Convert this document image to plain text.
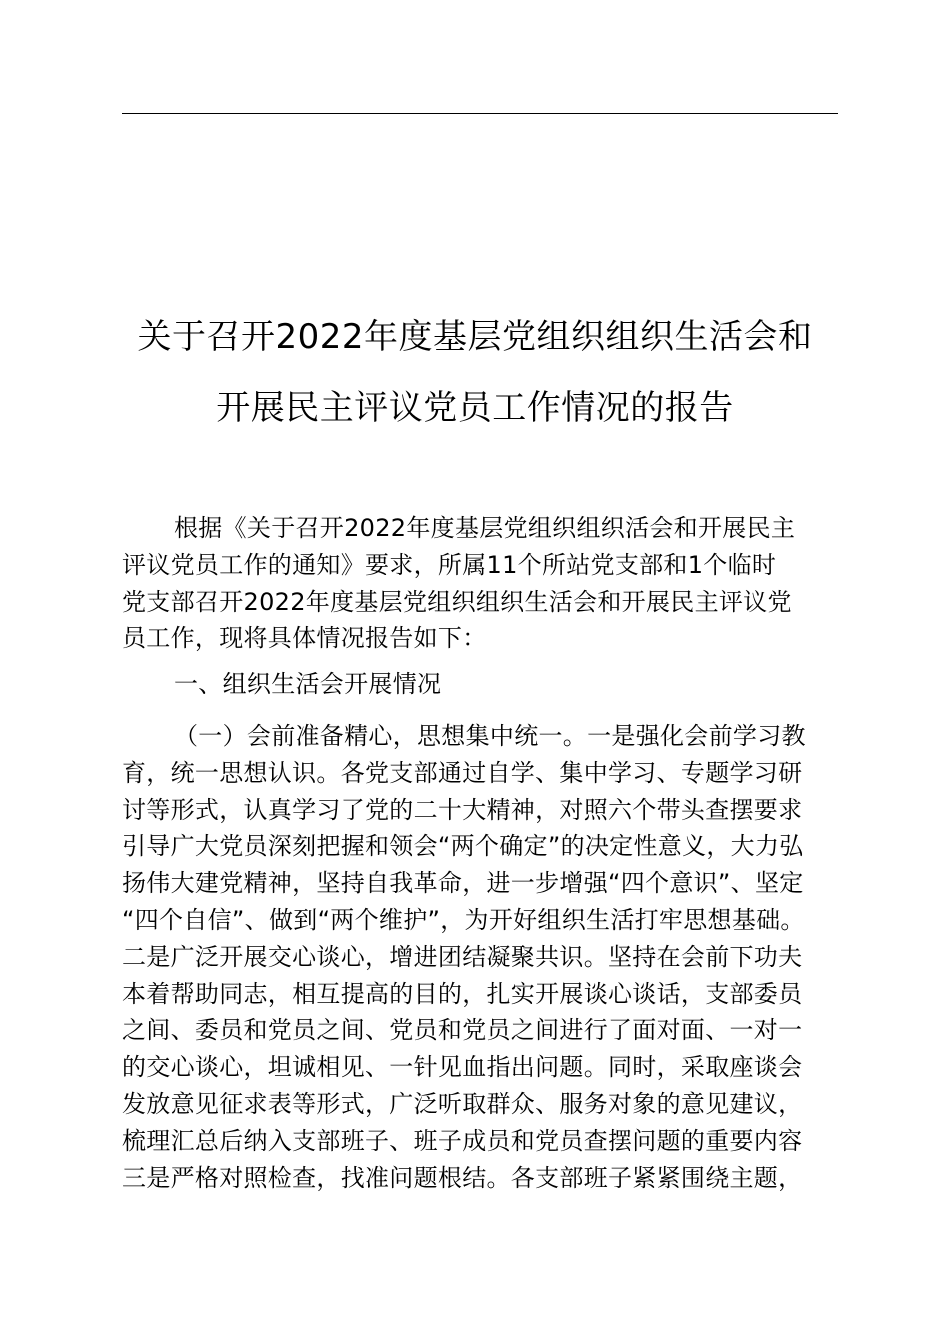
关于召开2022年度基层党组织组织生活会和
开展民主评议党员工作情况的报告
根据《关于召开2022年度基层党组织组织活会和开展民主
评议党员工作的通知》要求，所属11个所站党支部和1个临时
党支部召开2022年度基层党组织组织生活会和开展民主评议党
员工作，现将具体情况报告如下：
一、组织生活会开展情况
（一）会前准备精心，思想集中统一。一是强化会前学习教
育，统一思想认识。各党支部通过自学、集中学习、专题学习研
讨等形式，认真学习了党的二十大精神，对照六个带头查摆要求
引导广大党员深刻把握和领会“两个确定”的决定性意义，大力弘
扬伟大建党精神，坚持自我革命，进一步增强“四个意识”、坚定
“四个自信”、做到“两个维护”，为开好组织生活打牢思想基础。
二是广泛开展交心谈心，增进团结凝聚共识。坚持在会前下功夫
本着帮助同志，相互提高的目的，扎实开展谈心谈话，支部委员
之间、委员和党员之间、党员和党员之间进行了面对面、一对一
的交心谈心，坦诚相见、一针见血指出问题。同时，采取座谈会
发放意见征求表等形式，广泛听取群众、服务对象的意见建议，
梳理汇总后纳入支部班子、班子成员和党员查摆问题的重要内容
三是严格对照检查，找准问题根结。各支部班子紧紧围绕主题，
